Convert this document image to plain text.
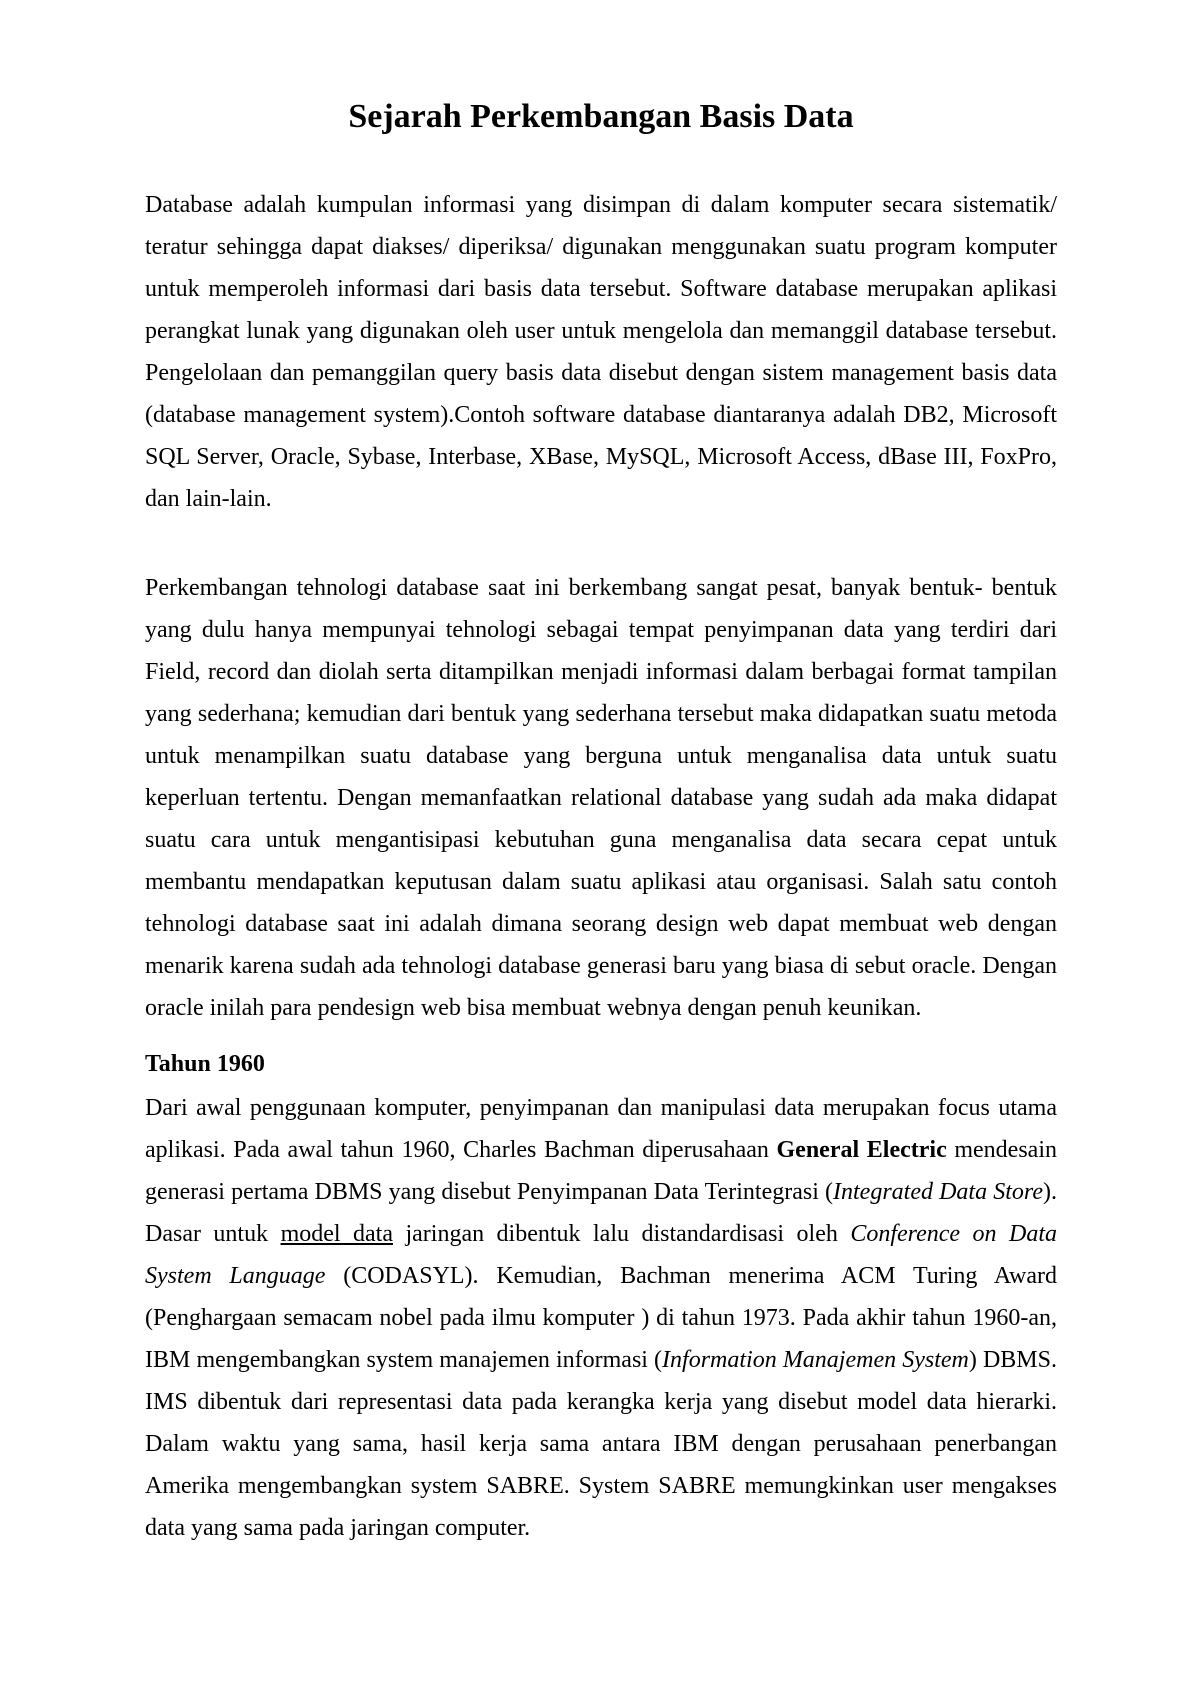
Sejarah Perkembangan Basis Data

Database adalah kumpulan informasi yang disimpan di dalam komputer secara sistematik/ teratur sehingga dapat diakses/ diperiksa/ digunakan menggunakan suatu program komputer untuk memperoleh informasi dari basis data tersebut. Software database merupakan aplikasi perangkat lunak yang digunakan oleh user untuk mengelola dan memanggil database tersebut. Pengelolaan dan pemanggilan query basis data disebut dengan sistem management basis data (database management system).Contoh software database diantaranya adalah DB2, Microsoft SQL Server, Oracle, Sybase, Interbase, XBase, MySQL, Microsoft Access, dBase III, FoxPro, dan lain-lain.

Perkembangan tehnologi database saat ini berkembang sangat pesat, banyak bentuk- bentuk yang dulu hanya mempunyai tehnologi sebagai tempat penyimpanan data yang terdiri dari Field, record dan diolah serta ditampilkan menjadi informasi dalam berbagai format tampilan yang sederhana; kemudian dari bentuk yang sederhana tersebut maka didapatkan suatu metoda untuk menampilkan suatu database yang berguna untuk menganalisa data untuk suatu keperluan tertentu. Dengan memanfaatkan relational database yang sudah ada maka didapat suatu cara untuk mengantisipasi kebutuhan guna menganalisa data secara cepat untuk membantu mendapatkan keputusan dalam suatu aplikasi atau organisasi. Salah satu contoh tehnologi database saat ini adalah dimana seorang design web dapat membuat web dengan menarik karena sudah ada tehnologi database generasi baru yang biasa di sebut oracle. Dengan oracle inilah para pendesign web bisa membuat webnya dengan penuh keunikan.

Tahun 1960

Dari awal penggunaan komputer, penyimpanan dan manipulasi data merupakan focus utama aplikasi. Pada awal tahun 1960, Charles Bachman diperusahaan General Electric mendesain generasi pertama DBMS yang disebut Penyimpanan Data Terintegrasi (Integrated Data Store). Dasar untuk model data jaringan dibentuk lalu distandardisasi oleh Conference on Data System Language (CODASYL). Kemudian, Bachman menerima ACM Turing Award (Penghargaan semacam nobel pada ilmu komputer ) di tahun 1973. Pada akhir tahun 1960-an, IBM mengembangkan system manajemen informasi (Information Manajemen System) DBMS. IMS dibentuk dari representasi data pada kerangka kerja yang disebut model data hierarki. Dalam waktu yang sama, hasil kerja sama antara IBM dengan perusahaan penerbangan Amerika mengembangkan system SABRE. System SABRE memungkinkan user mengakses data yang sama pada jaringan computer.
